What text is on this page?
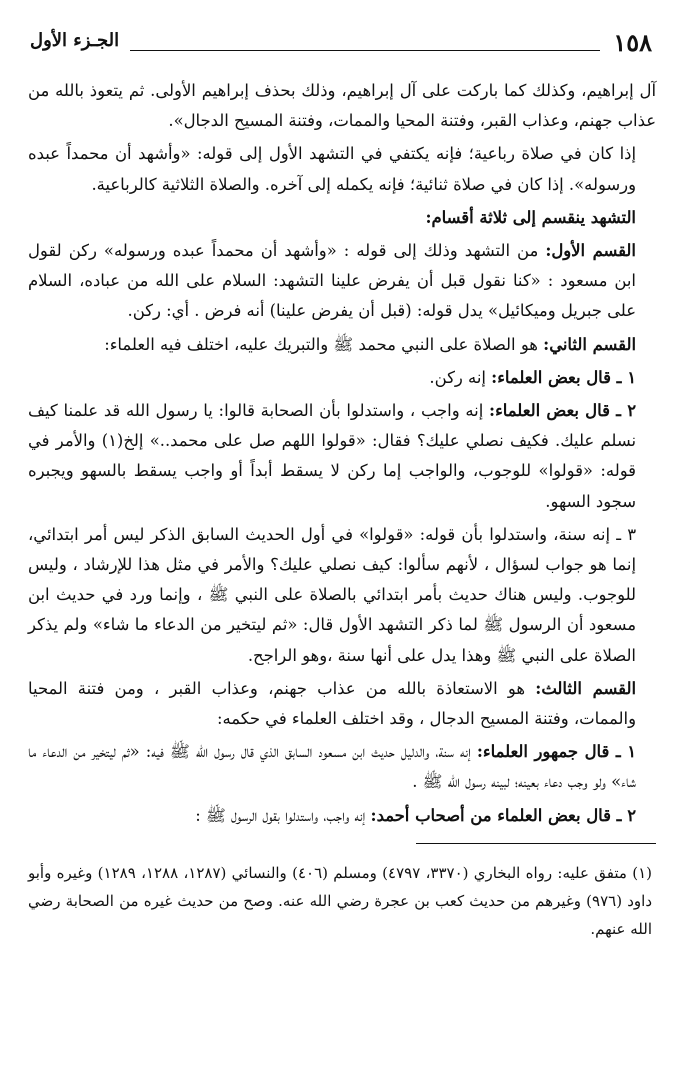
١٥٨
الجـزء الأول

آل إبراهيم، وكذلك كما باركت على آل إبراهيم، وذلك بحذف إبراهيم الأولى. ثم يتعوذ بالله من عذاب جهنم، وعذاب القبر، وفتنة المحيا والممات، وفتنة المسيح الدجال».

إذا كان في صلاة رباعية؛ فإنه يكتفي في التشهد الأول إلى قوله: «وأشهد أن محمداً عبده ورسوله». إذا كان في صلاة ثنائية؛ فإنه يكمله إلى آخره. والصلاة الثلاثية كالرباعية.

التشهد ينقسم إلى ثلاثة أقسام:

القسم الأول: من التشهد وذلك إلى قوله : «وأشهد أن محمداً عبده ورسوله» ركن لقول ابن مسعود : «كنا نقول قبل أن يفرض علينا التشهد: السلام على الله من عباده، السلام على جبريل وميكائيل» يدل قوله: (قبل أن يفرض علينا) أنه فرض . أي: ركن.

القسم الثاني: هو الصلاة على النبي محمد ﷺ والتبريك عليه، اختلف فيه العلماء:

١ ـ قال بعض العلماء: إنه ركن.

٢ ـ قال بعض العلماء: إنه واجب ، واستدلوا بأن الصحابة قالوا: يا رسول الله قد علمنا كيف نسلم عليك. فكيف نصلي عليك؟ فقال: «قولوا اللهم صل على محمد..» إلخ(١) والأمر في قوله: «قولوا» للوجوب، والواجب إما ركن لا يسقط أبداً أو واجب يسقط بالسهو ويجبره سجود السهو.

٣ ـ إنه سنة، واستدلوا بأن قوله: «قولوا» في أول الحديث السابق الذكر ليس أمر ابتدائي، إنما هو جواب لسؤال ، لأنهم سألوا: كيف نصلي عليك؟ والأمر في مثل هذا للإرشاد ، وليس للوجوب. وليس هناك حديث بأمر ابتدائي بالصلاة على النبي ﷺ ، وإنما ورد في حديث ابن مسعود أن الرسول ﷺ لما ذكر التشهد الأول قال: «ثم ليتخير من الدعاء ما شاء» ولم يذكر الصلاة على النبي ﷺ وهذا يدل على أنها سنة ،وهو الراجح.

القسم الثالث: هو الاستعاذة بالله من عذاب جهنم، وعذاب القبر ، ومن فتنة المحيا والممات، وفتنة المسيح الدجال ، وقد اختلف العلماء في حكمه:

١ ـ قال جمهور العلماء: إنه سنة، والدليل حديث ابن مسعود السابق الذي قال رسول الله ﷺ فيه: «ثم ليتخير من الدعاء ما شاء» ولو وجب دعاء بعينه؛ لبينه رسول الله ﷺ .

٢ ـ قال بعض العلماء من أصحاب أحمد: إنه واجب، واستدلوا بقول الرسول ﷺ :

(١) متفق عليه: رواه البخاري (٣٣٧٠، ٤٧٩٧) ومسلم (٤٠٦) والنسائي (١٢٨٧، ١٢٨٨، ١٢٨٩) وغيره وأبو داود (٩٧٦) وغيرهم من حديث كعب بن عجرة رضي الله عنه. وصح من حديث غيره من الصحابة رضي الله عنهم.
